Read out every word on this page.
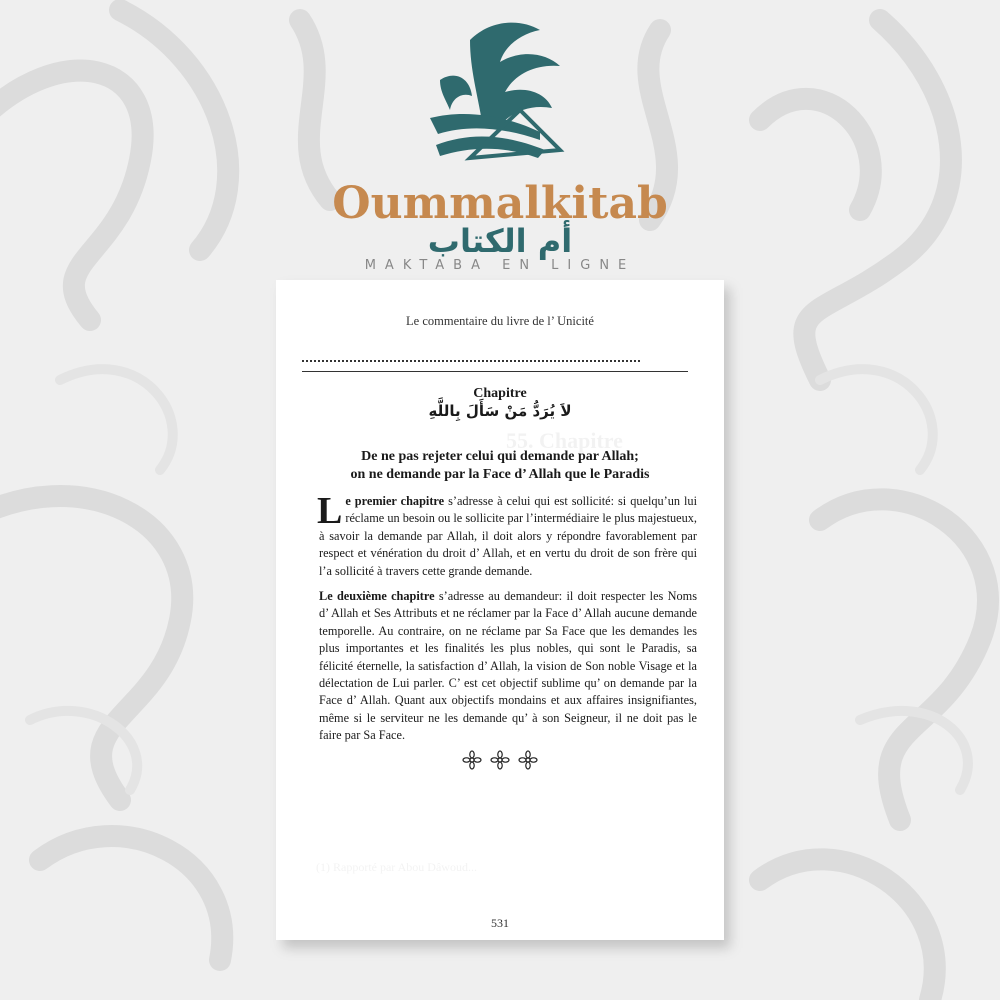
Oummalkitab
أم الكتاب
MAKTABA EN LIGNE
55. Chapitre
(1) Rapporté par Abou Dâwoud...
Le commentaire du livre de l’ Unicité
Chapitre
لاَ يُرَدُّ مَنْ سَأَلَ بِاللَّهِ
De ne pas rejeter celui qui demande par Allah;
on ne demande par la Face d’ Allah que le Paradis

Le premier chapitre s’adresse à celui qui est sollicité: si quelqu’un lui réclame un besoin ou le sollicite par l’intermédiaire le plus majestueux, à savoir la demande par Allah, il doit alors y répondre favorablement par respect et vénération du droit d’ Allah, et en vertu du droit de son frère qui l’a sollicité à travers cette grande demande.

Le deuxième chapitre s’adresse au demandeur: il doit respecter les Noms d’ Allah et Ses Attributs et ne réclamer par la Face d’ Allah aucune demande temporelle. Au contraire, on ne réclame par Sa Face que les demandes les plus importantes et les finalités les plus nobles, qui sont le Paradis, sa félicité éternelle, la satisfaction d’ Allah, la vision de Son noble Visage et la délectation de Lui parler. C’ est cet objectif sublime qu’ on demande par la Face d’ Allah. Quant aux objectifs mondains et aux affaires insignifiantes, même si le serviteur ne les demande qu’ à son Seigneur, il ne doit pas le faire par Sa Face.

531
